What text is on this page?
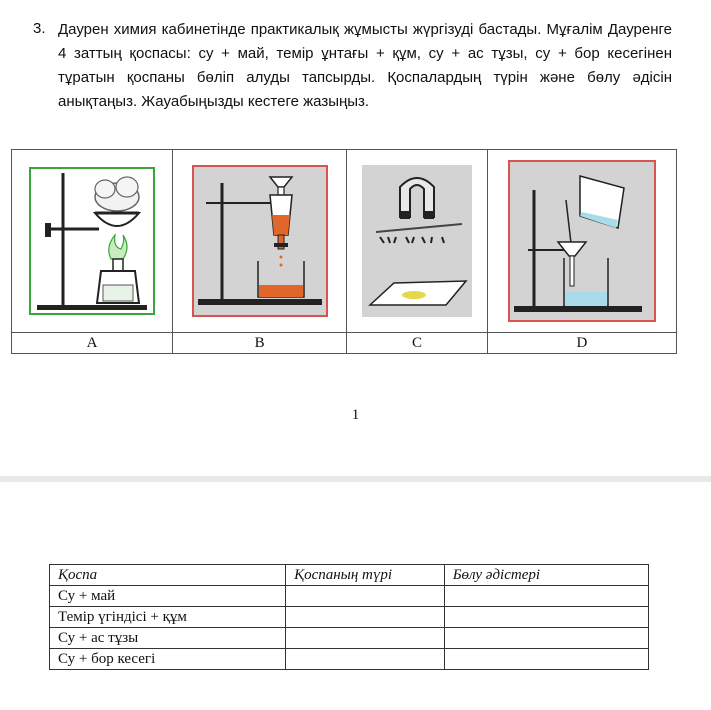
3. Даурен химия кабинетінде практикалық жұмысты жүргізуді бастады. Мұғалім Дауренге 4 заттың қоспасы: су + май, темір ұнтағы + құм, су + ас тұзы, су + бор кесегінен тұратын қоспаны бөліп алуды тапсырды. Қоспалардың түрін және бөлу әдісін анықтаңыз. Жауабыңызды кестеге жазыңыз.

A	B	C	D
1
Қоспа	Қоспаның түрі	Бөлу әдістері
Су + май		
Темір үгіндісі + құм		
Су + ас тұзы		
Су + бор кесегі		
